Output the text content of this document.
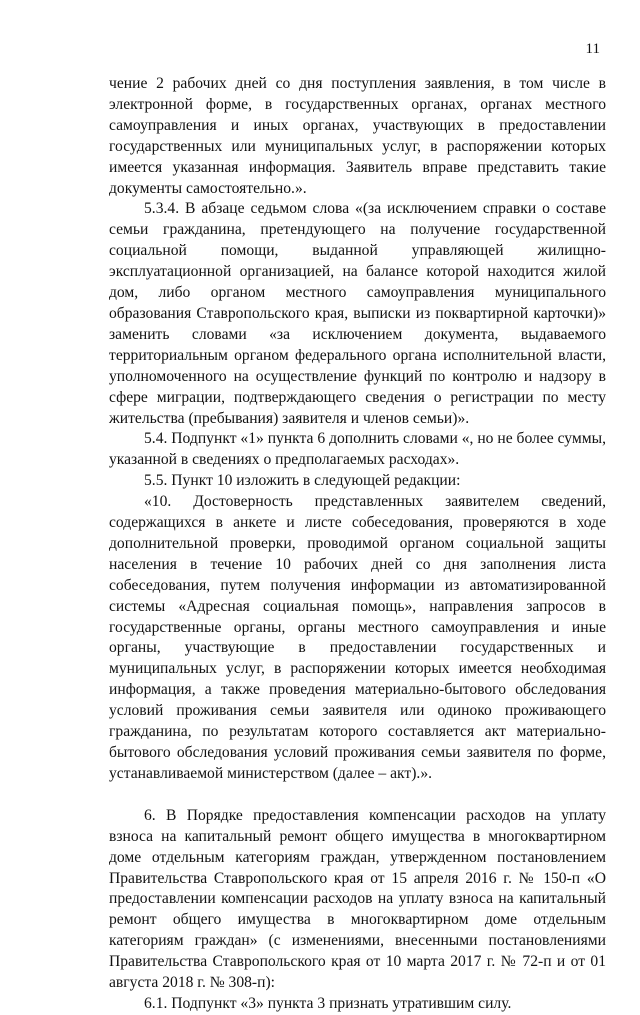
11

чение 2 рабочих дней со дня поступления заявления, в том числе в электронной форме, в государственных органах, органах местного самоуправления и иных органах, участвующих в предоставлении государственных или муниципальных услуг, в распоряжении которых имеется указанная информация. Заявитель вправе представить такие документы самостоятельно.».

5.3.4. В абзаце седьмом слова «(за исключением справки о составе семьи гражданина, претендующего на получение государственной социальной помощи, выданной управляющей жилищно-эксплуатационной организацией, на балансе которой находится жилой дом, либо органом местного самоуправления муниципального образования Ставропольского края, выписки из поквартирной карточки)» заменить словами «за исключением документа, выдаваемого территориальным органом федерального органа исполнительной власти, уполномоченного на осуществление функций по контролю и надзору в сфере миграции, подтверждающего сведения о регистрации по месту жительства (пребывания) заявителя и членов семьи)».

5.4. Подпункт «1» пункта 6 дополнить словами «, но не более суммы, указанной в сведениях о предполагаемых расходах».

5.5. Пункт 10 изложить в следующей редакции:

«10. Достоверность представленных заявителем сведений, содержащихся в анкете и листе собеседования, проверяются в ходе дополнительной проверки, проводимой органом социальной защиты населения в течение 10 рабочих дней со дня заполнения листа собеседования, путем получения информации из автоматизированной системы «Адресная социальная помощь», направления запросов в государственные органы, органы местного самоуправления и иные органы, участвующие в предоставлении государственных и муниципальных услуг, в распоряжении которых имеется необходимая информация, а также проведения материально-бытового обследования условий проживания семьи заявителя или одиноко проживающего гражданина, по результатам которого составляется акт материально-бытового обследования условий проживания семьи заявителя по форме, устанавливаемой министерством (далее – акт).».

6. В Порядке предоставления компенсации расходов на уплату взноса на капитальный ремонт общего имущества в многоквартирном доме отдельным категориям граждан, утвержденном постановлением Правительства Ставропольского края от 15 апреля 2016 г. № 150-п «О предоставлении компенсации расходов на уплату взноса на капитальный ремонт общего имущества в многоквартирном доме отдельным категориям граждан» (с изменениями, внесенными постановлениями Правительства Ставропольского края от 10 марта 2017 г. № 72-п и от 01 августа 2018 г. № 308-п):

6.1. Подпункт «3» пункта 3 признать утратившим силу.
